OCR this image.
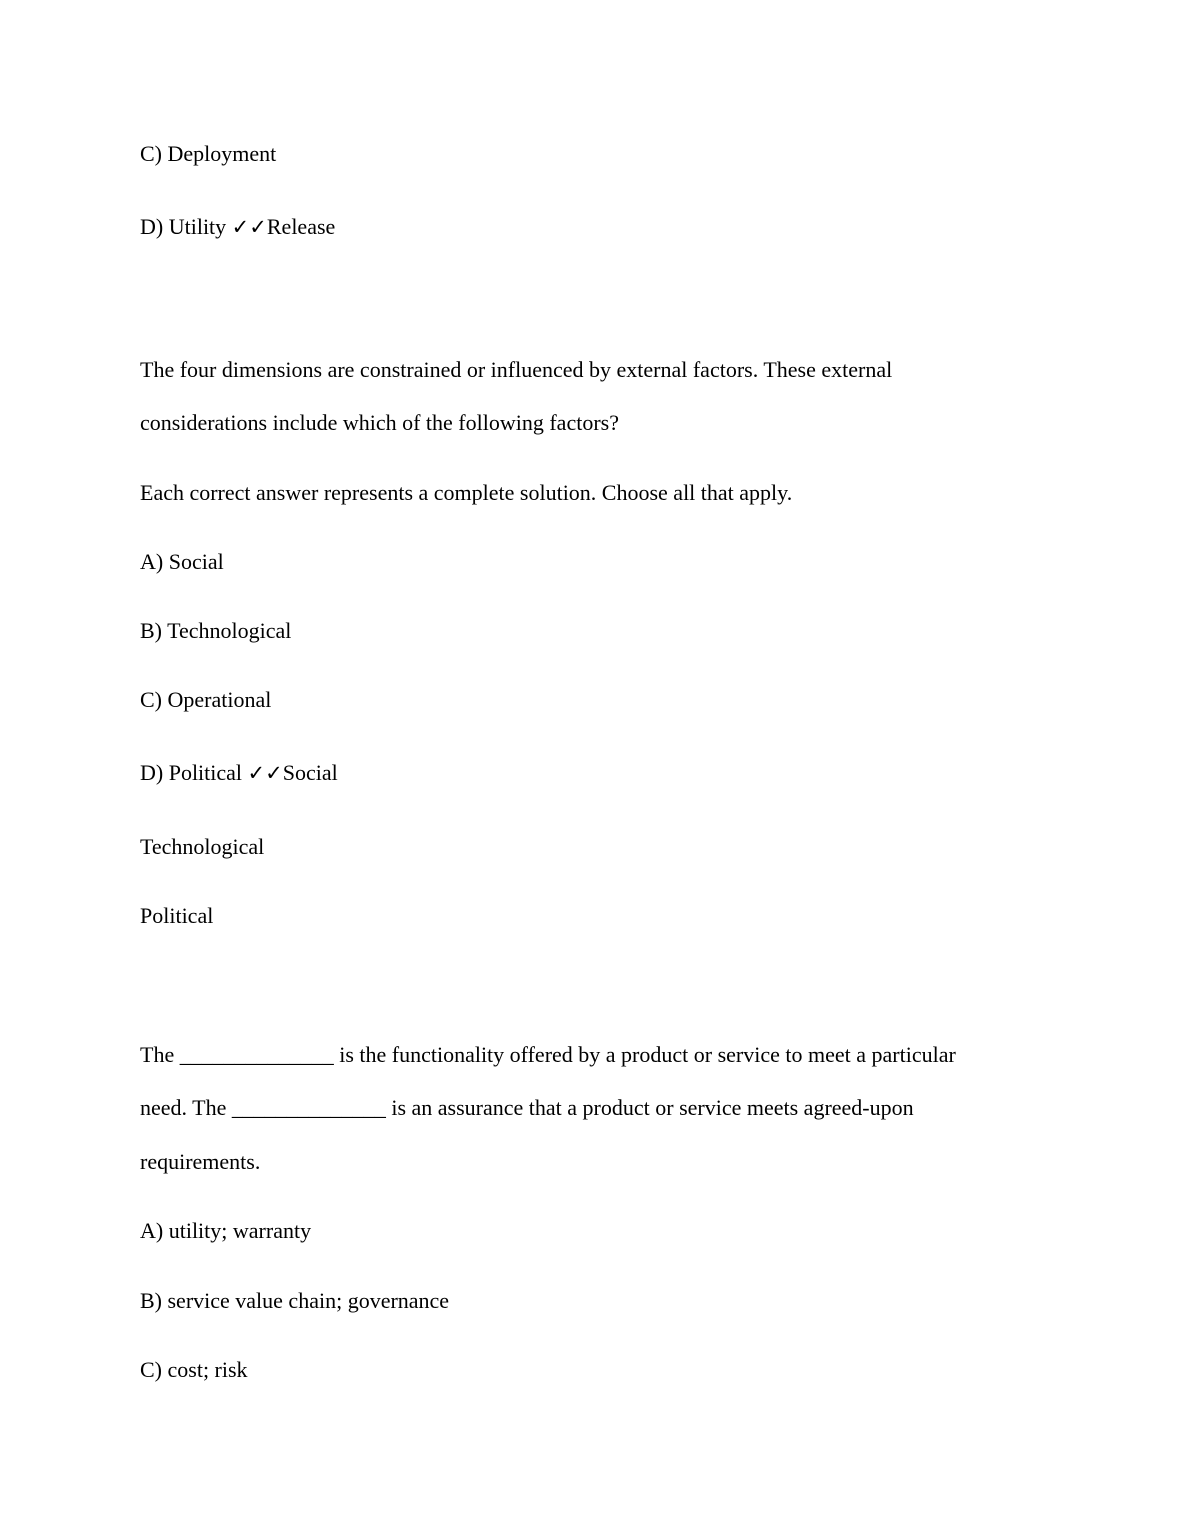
C) Deployment
D) Utility ✓✓Release
The four dimensions are constrained or influenced by external factors. These external
considerations include which of the following factors?
Each correct answer represents a complete solution. Choose all that apply.
A) Social
B) Technological
C) Operational
D) Political ✓✓Social
Technological
Political
The ______________ is the functionality offered by a product or service to meet a particular
need. The ______________ is an assurance that a product or service meets agreed-upon
requirements.
A) utility; warranty
B) service value chain; governance
C) cost; risk
